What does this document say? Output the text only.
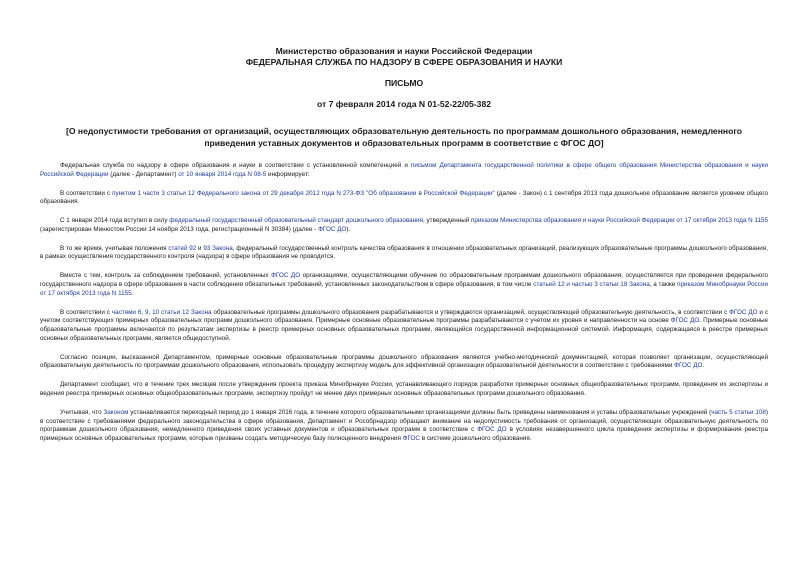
Министерство образования и науки Российской Федерации
ФЕДЕРАЛЬНАЯ СЛУЖБА ПО НАДЗОРУ В СФЕРЕ ОБРАЗОВАНИЯ И НАУКИ
ПИСЬМО
от 7 февраля 2014 года N 01-52-22/05-382
[О недопустимости требования от организаций, осуществляющих образовательную деятельность по программам дошкольного образования, немедленного приведения уставных документов и образовательных программ в соответствие с ФГОС ДО]

Федеральная служба по надзору в сфере образования и науки в соответствии с установленной компетенцией и письмом Департамента государственной политики в сфере общего образования Министерства образования и науки Российской Федерации (далее - Департамент) от 10 января 2014 года N 08-5 информирует:

В соответствии с пунктом 1 части 3 статьи 12 Федерального закона от 29 декабря 2012 года N 273-ФЗ "Об образовании в Российской Федерации" (далее - Закон) с 1 сентября 2013 года дошкольное образование является уровнем общего образования.

С 1 января 2014 года вступил в силу федеральный государственный образовательный стандарт дошкольного образования, утвержденный приказом Министерства образования и науки Российской Федерации от 17 октября 2013 года N 1155 (зарегистрирован Минюстом России 14 ноября 2013 года, регистрационный N 30384) (далее - ФГОС ДО).

В то же время, учитывая положения статей 92 и 93 Закона, федеральный государственный контроль качества образования в отношении образовательных организаций, реализующих образовательные программы дошкольного образования, в рамках осуществления государственного контроля (надзора) в сфере образования не проводится.

Вместе с тем, контроль за соблюдением требований, установленных ФГОС ДО организациями, осуществляющими обучение по образовательным программам дошкольного образования, осуществляется при проведении федерального государственного надзора в сфере образования в части соблюдения обязательных требований, установленных законодательством в сфере образования, в том числе статьей 12 и частью 3 статьи 18 Закона, а также приказом Минобрнауки России от 17 октября 2013 года N 1155.

В соответствии с частями 6, 9, 10 статьи 12 Закона образовательные программы дошкольного образования разрабатываются и утверждаются организацией, осуществляющей образовательную деятельность, в соответствии с ФГОС ДО и с учетом соответствующих примерных образовательных программ дошкольного образования. Примерные основные образовательные программы разрабатываются с учетом их уровня и направленности на основе ФГОС ДО. Примерные основные образовательные программы включаются по результатам экспертизы в реестр примерных основных образовательных программ, являющийся государственной информационной системой. Информация, содержащаяся в реестре примерных основных образовательных программ, является общедоступной.

Согласно позиции, высказанной Департаментом, примерные основные образовательные программы дошкольного образования являются учебно-методической документацией, которая позволяет организации, осуществляющей образовательную деятельность по программам дошкольного образования, использовать процедуру экспертизу модель для эффективной организации образовательной деятельности в соответствии с требованиями ФГОС ДО.

Департамент сообщает, что в течение трех месяцев после утверждения проекта приказа Минобрнауки России, устанавливающего порядок разработки примерных основных общеобразовательных программ, проведения их экспертизы и ведения реестра примерных основных общеобразовательных программ, экспертизу пройдут не менее двух примерных основных образовательных программ дошкольного образования.

Учитывая, что Законом устанавливается переходный период до 1 января 2016 года, в течение которого образовательными организациями должны быть приведены наименования и уставы образовательных учреждений (часть 5 статьи 108) в соответствие с требованиями федерального законодательства в сфере образования, Департамент и Рособрнадзор обращают внимание на недопустимость требования от организаций, осуществляющих образовательную деятельность по программам дошкольного образования, немедленного приведения своих уставных документов и образовательных программ в соответствие с ФГОС ДО в условиях незавершенного цикла проведения экспертизы и формирования реестра примерных основных образовательных программ, которые призваны создать методическую базу полноценного внедрения ФГОС в системе дошкольного образования.
